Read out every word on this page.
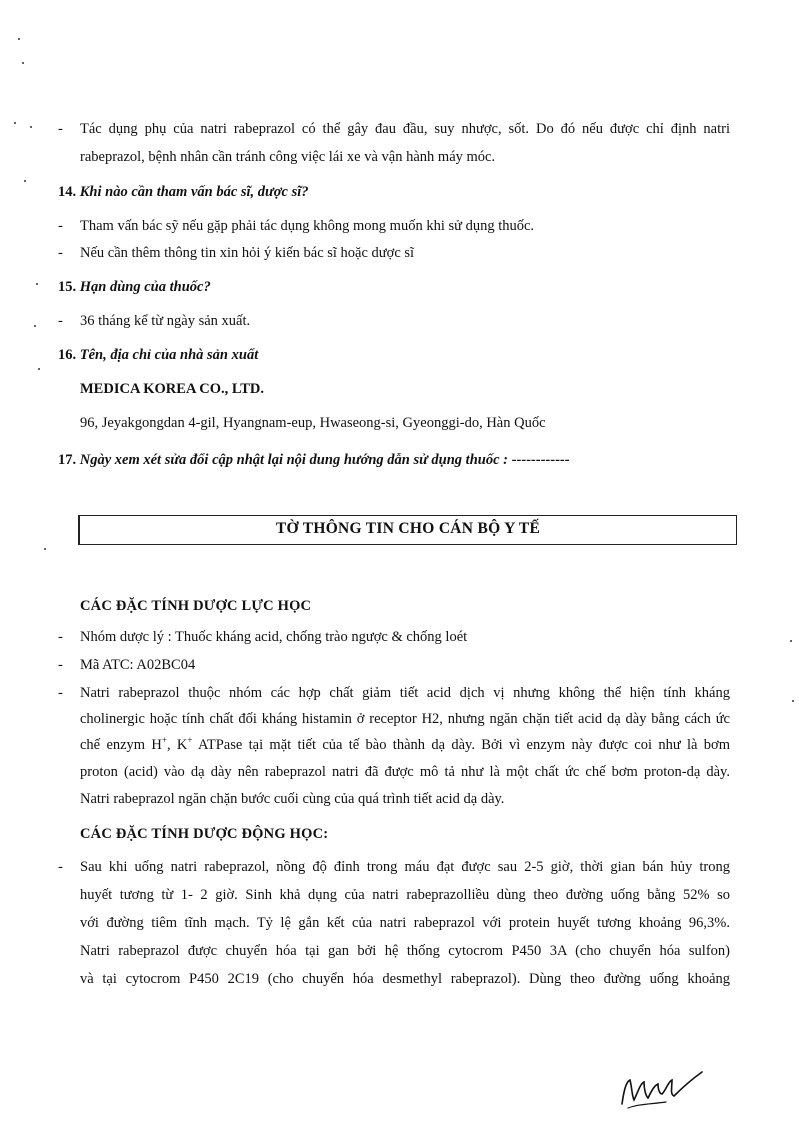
- Tác dụng phụ của natri rabeprazol có thể gây đau đầu, suy nhược, sốt. Do đó nếu được chỉ định natri
rabeprazol, bệnh nhân cần tránh công việc lái xe và vận hành máy móc.
14. Khi nào cần tham vấn bác sĩ, dược sĩ?
- Tham vấn bác sỹ nếu gặp phải tác dụng không mong muốn khi sử dụng thuốc.
- Nếu cần thêm thông tin xin hỏi ý kiến bác sĩ hoặc dược sĩ
15. Hạn dùng của thuốc?
- 36 tháng kể từ ngày sản xuất.
16. Tên, địa chỉ của nhà sản xuất
MEDICA KOREA CO., LTD.
96, Jeyakgongdan 4-gil, Hyangnam-eup, Hwaseong-si, Gyeonggi-do, Hàn Quốc
17. Ngày xem xét sửa đổi cập nhật lại nội dung hướng dẫn sử dụng thuốc : ------------
TỜ THÔNG TIN CHO CÁN BỘ Y TẾ
CÁC ĐẶC TÍNH DƯỢC LỰC HỌC
- Nhóm dược lý : Thuốc kháng acid, chống trào ngược & chống loét
- Mã ATC: A02BC04
- Natri rabeprazol thuộc nhóm các hợp chất giảm tiết acid dịch vị nhưng không thể hiện tính kháng
cholinergic hoặc tính chất đối kháng histamin ở receptor H2, nhưng ngăn chặn tiết acid dạ dày bằng cách ức
chế enzym H+, K+ ATPase tại mặt tiết của tế bào thành dạ dày. Bởi vì enzym này được coi như là bơm
proton (acid) vào dạ dày nên rabeprazol natri đã được mô tả như là một chất ức chế bơm proton-dạ dày.
Natri rabeprazol ngăn chặn bước cuối cùng của quá trình tiết acid dạ dày.
CÁC ĐẶC TÍNH DƯỢC ĐỘNG HỌC:
- Sau khi uống natri rabeprazol, nồng độ đỉnh trong máu đạt được sau 2-5 giờ, thời gian bán hủy trong
huyết tương từ 1- 2 giờ. Sinh khả dụng của natri rabeprazolliều dùng theo đường uống bằng 52% so
với đường tiêm tĩnh mạch. Tỷ lệ gắn kết của natri rabeprazol với protein huyết tương khoảng 96,3%.
Natri rabeprazol được chuyển hóa tại gan bởi hệ thống cytocrom P450 3A (cho chuyển hóa sulfon)
và tại cytocrom P450 2C19 (cho chuyển hóa desmethyl rabeprazol). Dùng theo đường uống khoảng
